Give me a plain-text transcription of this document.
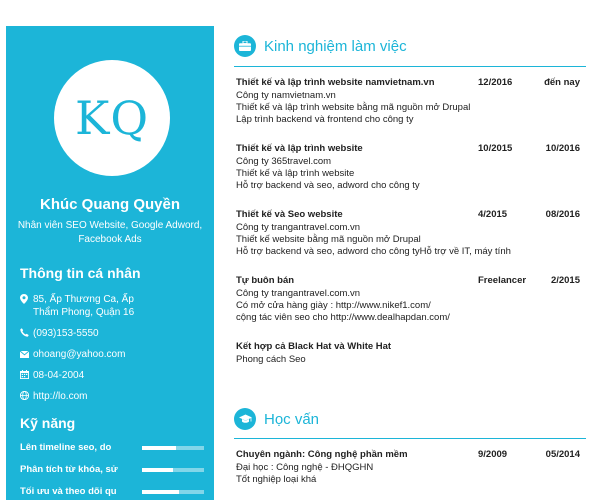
KQ
Khúc Quang Quyền
Nhân viên SEO Website, Google Adword, Facebook Ads
Thông tin cá nhân
85, Ấp Thương Ca, Ấp Thẩm Phong, Quận 16
(093)153-5550
ohoang@yahoo.com
08-04-2004
http://lo.com
Kỹ năng
Lên timeline seo, do
Phân tích từ khóa, sử
Tối ưu và theo dõi qu
Kinh nghiệm làm việc
Thiết kế và lập trình website namvietnam.vn	12/2016	đến nay
Công ty namvietnam.vn
Thiết kế và lập trình website bằng mã nguồn mở Drupal
Lập trình backend và frontend cho công ty
Thiết kế và lập trình website	10/2015	10/2016
Công ty 365travel.com
Thiết kế và lập trình website
Hỗ trợ backend và seo, adword cho công ty
Thiết kế và Seo website	4/2015	08/2016
Công ty trangantravel.com.vn
Thiết kế website bằng mã nguồn mở Drupal
Hỗ trợ backend và seo, adword cho công tyHỗ trợ về IT, máy tính
Tự buôn bán	Freelancer	2/2015
Công ty trangantravel.com.vn
Có mở cửa hàng giày : http://www.nikef1.com/
cộng tác viên seo cho http://www.dealhapdan.com/
Kết hợp cả Black Hat và White Hat
Phong cách Seo
Học vấn
Chuyên ngành: Công nghệ phần mềm	9/2009	05/2014
Đại học : Công nghệ - ĐHQGHN
Tốt nghiệp loại khá
